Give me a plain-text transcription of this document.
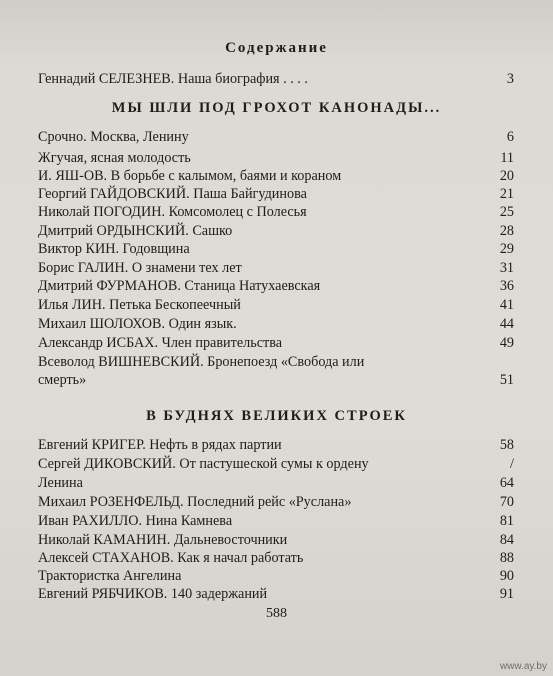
Содержание
Геннадий СЕЛЕЗНЕВ. Наша биография . . . .	3
МЫ ШЛИ ПОД ГРОХОТ КАНОНАДЫ...
Срочно. Москва, Ленину	6
Жгучая, ясная молодость	11
И. ЯШ-ОВ. В борьбе с калымом, баями и кораном	20
Георгий ГАЙДОВСКИЙ. Паша Байгудинова	21
Николай ПОГОДИН. Комсомолец с Полесья	25
Дмитрий ОРДЫНСКИЙ. Сашко	28
Виктор КИН. Годовщина	29
Борис ГАЛИН. О знамени тех лет	31
Дмитрий ФУРМАНОВ. Станица Натухаевская	36
Илья ЛИН. Петька Бескопеечный	41
Михаил ШОЛОХОВ. Один язык.	44
Александр ИСБАХ. Член правительства	49
Всеволод ВИШНЕВСКИЙ. Бронепоезд «Свобода или
смерть»	51
В БУДНЯХ ВЕЛИКИХ СТРОЕК
Евгений КРИГЕР. Нефть в рядах партии	58
Сергей ДИКОВСКИЙ. От пастушеской сумы к ордену	/
Ленина	64
Михаил РОЗЕНФЕЛЬД. Последний рейс «Руслана»	70
Иван РАХИЛЛО. Нина Камнева	81
Николай КАМАНИН. Дальневосточники	84
Алексей СТАХАНОВ. Как я начал работать	88
Трактористка Ангелина	90
Евгений РЯБЧИКОВ. 140 задержаний	91
588
www.ay.by
